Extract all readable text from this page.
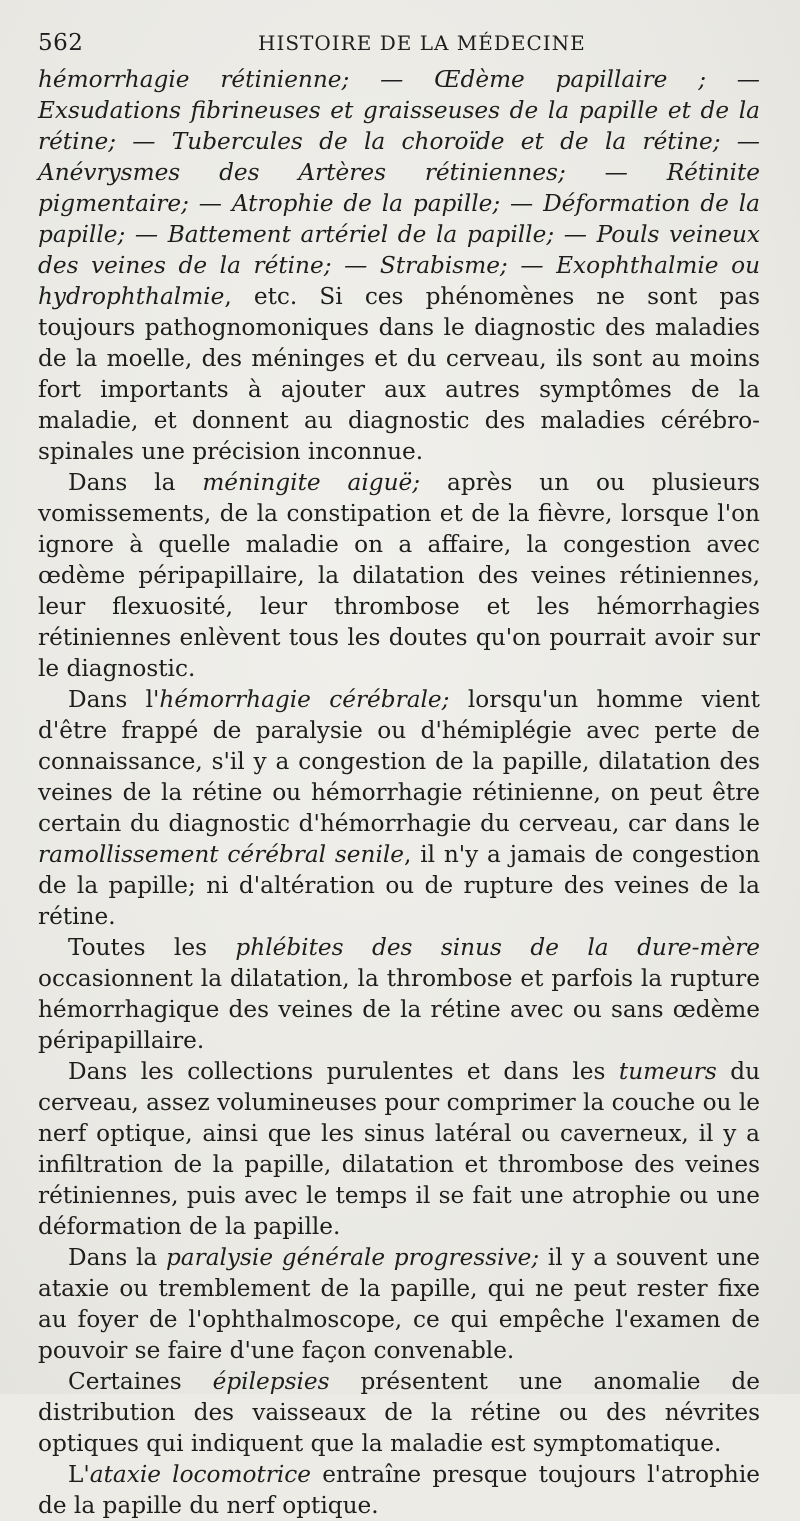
562	HISTOIRE DE LA MÉDECINE

hémorrhagie rétinienne; — Œdème papillaire ; — Exsudations fibrineuses et graisseuses de la papille et de la rétine; — Tubercules de la choroïde et de la rétine; — Anévrysmes des Artères rétiniennes; — Rétinite pigmentaire; — Atrophie de la papille; — Déformation de la papille; — Battement artériel de la papille; — Pouls veineux des veines de la rétine; — Strabisme; — Exophthalmie ou hydrophthalmie, etc. Si ces phénomènes ne sont pas toujours pathognomoniques dans le diagnostic des maladies de la moelle, des méninges et du cerveau, ils sont au moins fort importants à ajouter aux autres symptômes de la maladie, et donnent au diagnostic des maladies cérébro-spinales une précision inconnue.

Dans la méningite aiguë; après un ou plusieurs vomissements, de la constipation et de la fièvre, lorsque l'on ignore à quelle maladie on a affaire, la congestion avec œdème péripapillaire, la dilatation des veines rétiniennes, leur flexuosité, leur thrombose et les hémorrhagies rétiniennes enlèvent tous les doutes qu'on pourrait avoir sur le diagnostic.

Dans l'hémorrhagie cérébrale; lorsqu'un homme vient d'être frappé de paralysie ou d'hémiplégie avec perte de connaissance, s'il y a congestion de la papille, dilatation des veines de la rétine ou hémorrhagie rétinienne, on peut être certain du diagnostic d'hémorrhagie du cerveau, car dans le ramollissement cérébral senile, il n'y a jamais de congestion de la papille; ni d'altération ou de rupture des veines de la rétine.

Toutes les phlébites des sinus de la dure-mère occasionnent la dilatation, la thrombose et parfois la rupture hémorrhagique des veines de la rétine avec ou sans œdème péripapillaire.

Dans les collections purulentes et dans les tumeurs du cerveau, assez volumineuses pour comprimer la couche ou le nerf optique, ainsi que les sinus latéral ou caverneux, il y a infiltration de la papille, dilatation et thrombose des veines rétiniennes, puis avec le temps il se fait une atrophie ou une déformation de la papille.

Dans la paralysie générale progressive; il y a souvent une ataxie ou tremblement de la papille, qui ne peut rester fixe au foyer de l'ophthalmoscope, ce qui empêche l'examen de pouvoir se faire d'une façon convenable.

Certaines épilepsies présentent une anomalie de distribution des vaisseaux de la rétine ou des névrites optiques qui indiquent que la maladie est symptomatique.

L'ataxie locomotrice entraîne presque toujours l'atrophie de la papille du nerf optique.
